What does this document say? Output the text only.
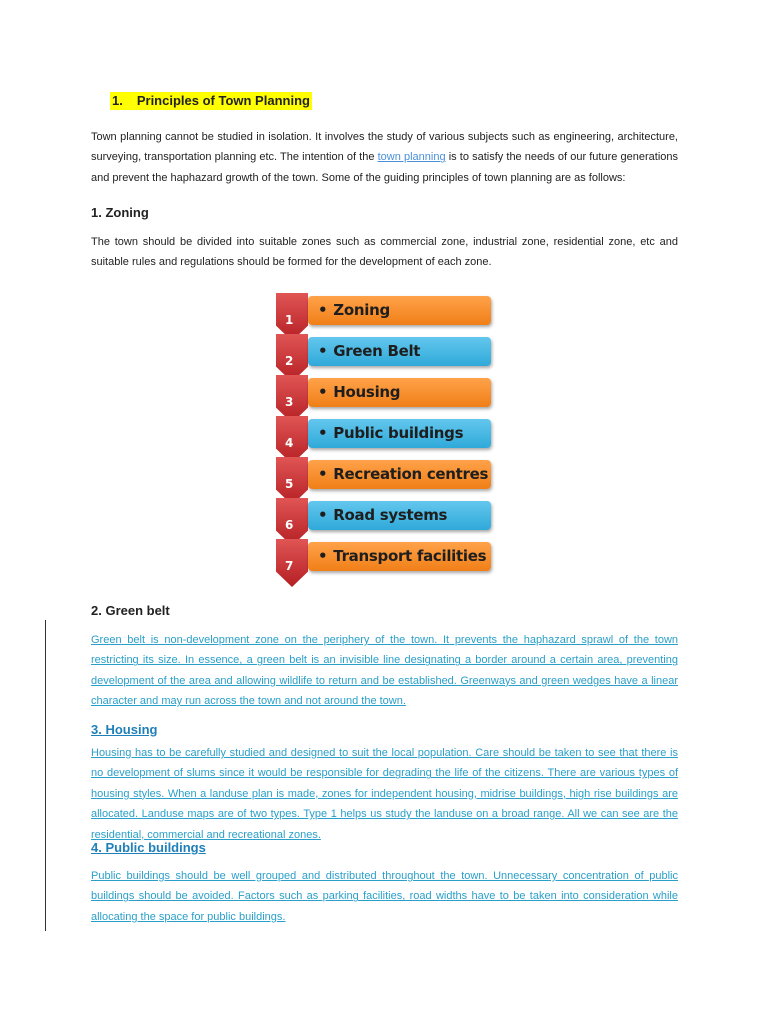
1. Principles of Town Planning

Town planning cannot be studied in isolation. It involves the study of various subjects such as engineering, architecture, surveying, transportation planning etc. The intention of the town planning is to satisfy the needs of our future generations and prevent the haphazard growth of the town. Some of the guiding principles of town planning are as follows:

1. Zoning

The town should be divided into suitable zones such as commercial zone, industrial zone, residential zone, etc and suitable rules and regulations should be formed for the development of each zone.

1
• Zoning
2
• Green Belt
3
• Housing
4
• Public buildings
5
• Recreation centres
6
• Road systems
7
• Transport facilities
2. Green belt

Green belt is non-development zone on the periphery of the town. It prevents the haphazard sprawl of the town restricting its size. In essence, a green belt is an invisible line designating a border around a certain area, preventing development of the area and allowing wildlife to return and be established. Greenways and green wedges have a linear character and may run across the town and not around the town.

3. Housing

Housing has to be carefully studied and designed to suit the local population. Care should be taken to see that there is no development of slums since it would be responsible for degrading the life of the citizens. There are various types of housing styles. When a landuse plan is made, zones for independent housing, midrise buildings, high rise buildings are allocated. Landuse maps are of two types. Type 1 helps us study the landuse on a broad range. All we can see are the residential, commercial and recreational zones.

4. Public buildings

Public buildings should be well grouped and distributed throughout the town. Unnecessary concentration of public buildings should be avoided. Factors such as parking facilities, road widths have to be taken into consideration while allocating the space for public buildings.
